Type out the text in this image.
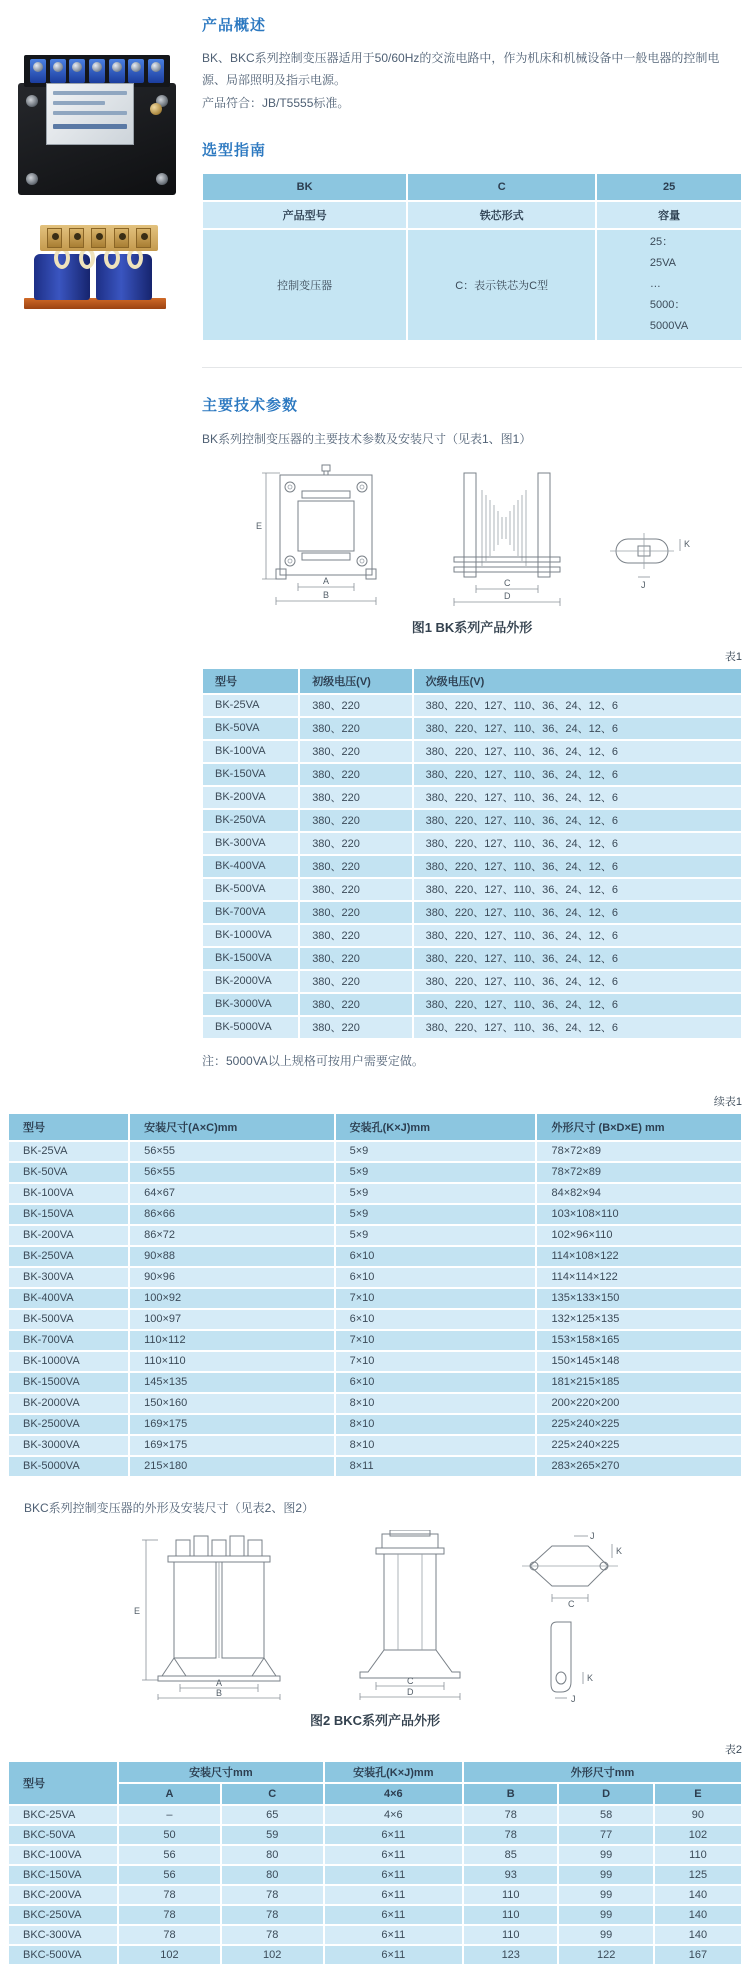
产品概述

BK、BKC系列控制变压器适用于50/60Hz的交流电路中，作为机床和机械设备中一般电器的控制电源、局部照明及指示电源。

产品符合：JB/T5555标准。

选型指南
BK	C	25
产品型号	铁芯形式	容量
控制变压器	C：表示铁芯为C型	25：
25VA
…
5000：
5000VA
主要技术参数

BK系列控制变压器的主要技术参数及安装尺寸（见表1、图1）

E
A
B
C
D
K
J
图1 BK系列产品外形
表1
型号	初级电压(V)	次级电压(V)
BK-25VA	380、220	380、220、127、110、36、24、12、6
BK-50VA	380、220	380、220、127、110、36、24、12、6
BK-100VA	380、220	380、220、127、110、36、24、12、6
BK-150VA	380、220	380、220、127、110、36、24、12、6
BK-200VA	380、220	380、220、127、110、36、24、12、6
BK-250VA	380、220	380、220、127、110、36、24、12、6
BK-300VA	380、220	380、220、127、110、36、24、12、6
BK-400VA	380、220	380、220、127、110、36、24、12、6
BK-500VA	380、220	380、220、127、110、36、24、12、6
BK-700VA	380、220	380、220、127、110、36、24、12、6
BK-1000VA	380、220	380、220、127、110、36、24、12、6
BK-1500VA	380、220	380、220、127、110、36、24、12、6
BK-2000VA	380、220	380、220、127、110、36、24、12、6
BK-3000VA	380、220	380、220、127、110、36、24、12、6
BK-5000VA	380、220	380、220、127、110、36、24、12、6

注：5000VA以上规格可按用户需要定做。

续表1
型号	安装尺寸(A×C)mm	安装孔(K×J)mm	外形尺寸 (B×D×E) mm
BK-25VA	56×55	5×9	78×72×89
BK-50VA	56×55	5×9	78×72×89
BK-100VA	64×67	5×9	84×82×94
BK-150VA	86×66	5×9	103×108×110
BK-200VA	86×72	5×9	102×96×110
BK-250VA	90×88	6×10	114×108×122
BK-300VA	90×96	6×10	114×114×122
BK-400VA	100×92	7×10	135×133×150
BK-500VA	100×97	6×10	132×125×135
BK-700VA	110×112	7×10	153×158×165
BK-1000VA	110×110	7×10	150×145×148
BK-1500VA	145×135	6×10	181×215×185
BK-2000VA	150×160	8×10	200×220×200
BK-2500VA	169×175	8×10	225×240×225
BK-3000VA	169×175	8×10	225×240×225
BK-5000VA	215×180	8×11	283×265×270

BKC系列控制变压器的外形及安装尺寸（见表2、图2）

E
A
B
C
D
J
K
C
K
J
图2 BKC系列产品外形
表2
型号	安装尺寸mm		安装孔(K×J)mm	外形尺寸mm		
	A	C	4×6	B	D	E
BKC-25VA	–	65	4×6	78	58	90
BKC-50VA	50	59	6×11	78	77	102
BKC-100VA	56	80	6×11	85	99	110
BKC-150VA	56	80	6×11	93	99	125
BKC-200VA	78	78	6×11	110	99	140
BKC-250VA	78	78	6×11	110	99	140
BKC-300VA	78	78	6×11	110	99	140
BKC-500VA	102	102	6×11	123	122	167
